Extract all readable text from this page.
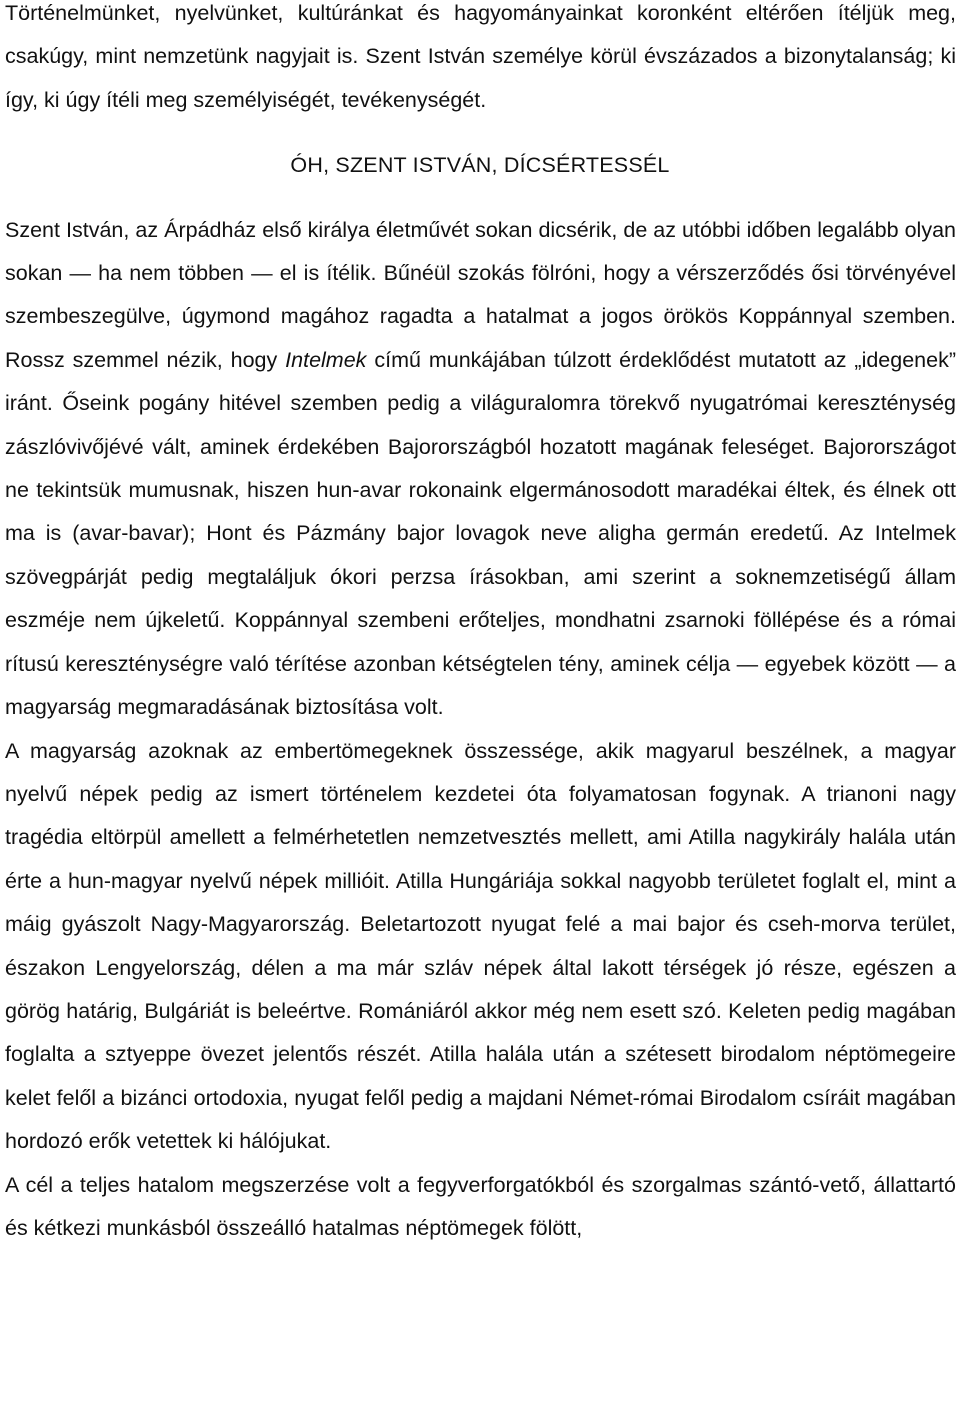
Történelmünket, nyelvünket, kultúránkat és hagyományainkat koronként eltérően ítéljük meg, csakúgy, mint nemzetünk nagyjait is. Szent István személye körül évszázados a bizonytalanság; ki így, ki úgy ítéli meg személyiségét, tevékenységét.

ÓH, SZENT ISTVÁN, DÍCSÉRTESSÉL

Szent István, az Árpádház első királya életművét sokan dicsérik, de az utóbbi időben legalább olyan sokan — ha nem többen — el is ítélik. Bűnéül szokás fölróni, hogy a vérszerződés ősi törvényével szembeszegülve, úgymond magához ragadta a hatalmat a jogos örökös Koppánnyal szemben. Rossz szemmel nézik, hogy Intelmek című munkájában túlzott érdeklődést mutatott az „idegenek” iránt. Őseink pogány hitével szemben pedig a világuralomra törekvő nyugatrómai kereszténység zászlóvivőjévé vált, aminek érdekében Bajorországból hozatott magának feleséget. Bajorországot ne tekintsük mumusnak, hiszen hun-avar rokonaink elgermánosodott maradékai éltek, és élnek ott ma is (avar-bavar); Hont és Pázmány bajor lovagok neve aligha germán eredetű. Az Intelmek szövegpárját pedig megtaláljuk ókori perzsa írásokban, ami szerint a soknemzetiségű állam eszméje nem újkeletű. Koppánnyal szembeni erőteljes, mondhatni zsarnoki föllépése és a római rítusú kereszténységre való térítése azonban kétségtelen tény, aminek célja — egyebek között — a magyarság megmaradásának biztosítása volt.

A magyarság azoknak az embertömegeknek összessége, akik magyarul beszélnek, a magyar nyelvű népek pedig az ismert történelem kezdetei óta folyamatosan fogynak. A trianoni nagy tragédia eltörpül amellett a felmérhetetlen nemzetvesztés mellett, ami Atilla nagykirály halála után érte a hun-magyar nyelvű népek millióit. Atilla Hungáriája sokkal nagyobb területet foglalt el, mint a máig gyászolt Nagy-Magyarország. Beletartozott nyugat felé a mai bajor és cseh-morva terület, északon Lengyelország, délen a ma már szláv népek által lakott térségek jó része, egészen a görög határig, Bulgáriát is beleértve. Romániáról akkor még nem esett szó. Keleten pedig magában foglalta a sztyeppe övezet jelentős részét. Atilla halála után a szétesett birodalom néptömegeire kelet felől a bizánci ortodoxia, nyugat felől pedig a majdani Német-római Birodalom csíráit magában hordozó erők vetettek ki hálójukat.

A cél a teljes hatalom megszerzése volt a fegyverforgatókból és szorgalmas szántó-vető, állattartó és kétkezi munkásból összeálló hatalmas néptömegek fölött,
